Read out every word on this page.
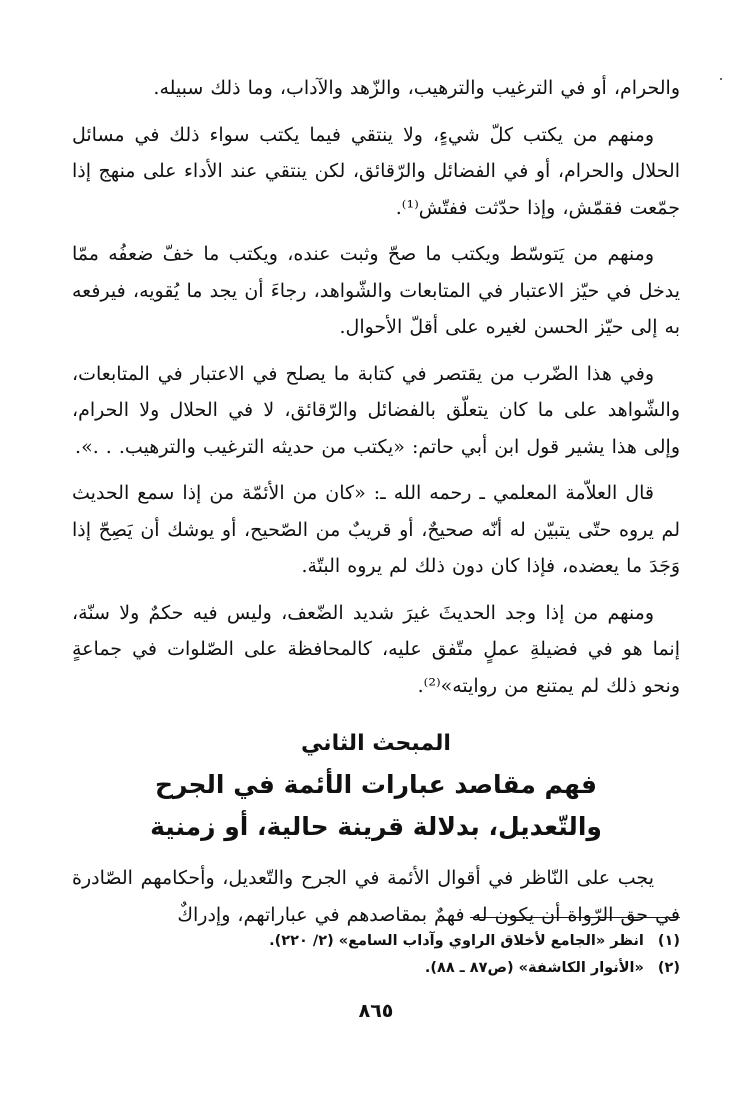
والحرام، أو في الترغيب والترهيب، والزّهد والآداب، وما ذلك سبيله.

ومنهم من يكتب كلّ شيءٍ، ولا ينتقي فيما يكتب سواء ذلك في مسائل الحلال والحرام، أو في الفضائل والرّقائق، لكن ينتقي عند الأداء على منهج إذا جمّعت فقمّش، وإذا حدّثت ففتّش⁽¹⁾.

ومنهم من يَتوسّط ويكتب ما صحّ وثبت عنده، ويكتب ما خفّ ضعفُه ممّا يدخل في حيّز الاعتبار في المتابعات والشّواهد، رجاءَ أن يجد ما يُقويه، فيرفعه به إلى حيّز الحسن لغيره على أقلّ الأحوال.

وفي هذا الضّرب من يقتصر في كتابة ما يصلح في الاعتبار في المتابعات، والشّواهد على ما كان يتعلّق بالفضائل والرّقائق، لا في الحلال ولا الحرام، وإلى هذا يشير قول ابن أبي حاتم: «يكتب من حديثه الترغيب والترهيب. . .».

قال العلاّمة المعلمي ـ رحمه الله ـ: «كان من الأئمّة من إذا سمع الحديث لم يروه حتّى يتبيّن له أنّه صحيحٌ، أو قريبٌ من الصّحيح، أو يوشك أن يَصِحّ إذا وَجَدَ ما يعضده، فإذا كان دون ذلك لم يروه البتّة.

ومنهم من إذا وجد الحديثَ غيرَ شديد الضّعف، وليس فيه حكمٌ ولا سنّة، إنما هو في فضيلةِ عملٍ متّفق عليه، كالمحافظة على الصّلوات في جماعةٍ ونحو ذلك لم يمتنع من روايته»⁽²⁾.

المبحث الثاني

فهم مقاصد عبارات الأئمة في الجرح

والتّعديل، بدلالة قرينة حالية، أو زمنية

يجب على النّاظر في أقوال الأئمة في الجرح والتّعديل، وأحكامهم الصّادرة في حق الرّواة أن يكون له فهمٌ بمقاصدهم في عباراتهم، وإدراكٌ

(١)انظر «الجامع لأخلاق الراوي وآداب السامع» (٢/ ٢٢٠).
(٢)«الأنوار الكاشفة» (ص٨٧ ـ ٨٨).
٨٦٥
